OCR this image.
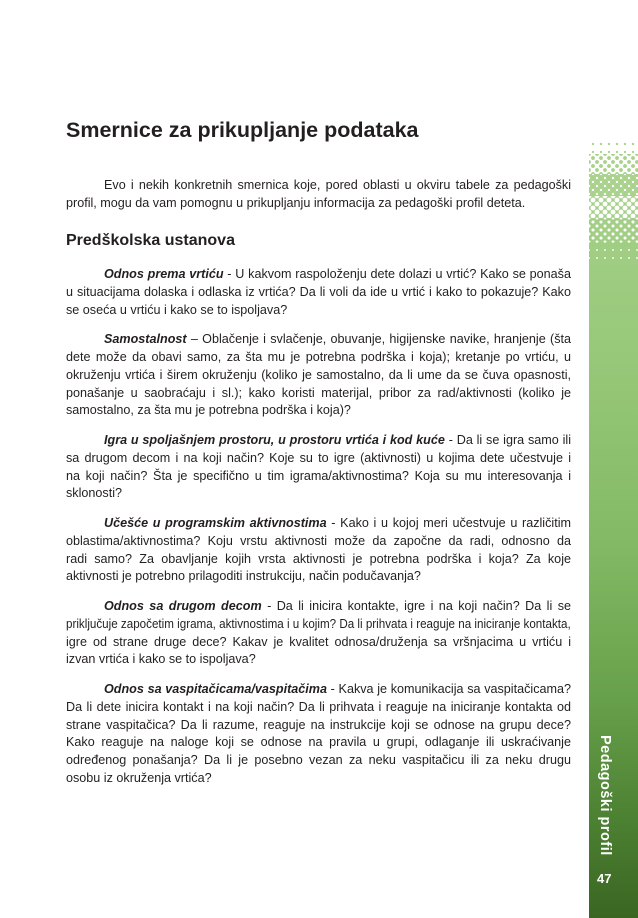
Smernice za prikupljanje podataka
Evo i nekih konkretnih smernica koje, pored oblasti u okviru tabele za pedagoški
profil, mogu da vam pomognu u prikupljanju informacija za pedagoški profil deteta.
Predškolska ustanova
Odnos prema vrtiću - U kakvom raspoloženju dete dolazi u vrtić? Kako se ponaša
u situacijama dolaska i odlaska iz vrtića? Da li voli da ide u vrtić i kako to pokazuje? Kako
se oseća u vrtiću i kako se to ispoljava?
Samostalnost – Oblačenje i svlačenje, obuvanje, higijenske navike, hranjenje (šta
dete može da obavi samo, za šta mu je potrebna podrška i koja); kretanje po vrtiću, u
okruženju vrtića i širem okruženju (koliko je samostalno, da li ume da se čuva opasnosti,
ponašanje u saobraćaju i sl.); kako koristi materijal, pribor za rad/aktivnosti (koliko je
samostalno, za šta mu je potrebna podrška i koja)?
Igra u spoljašnjem prostoru, u prostoru vrtića i kod kuće - Da li se igra samo ili
sa drugom decom i na koji način? Koje su to igre (aktivnosti) u kojima dete učestvuje i
na koji način? Šta je specifično u tim igrama/aktivnostima? Koja su mu interesovanja i
sklonosti?
Učešće u programskim aktivnostima - Kako i u kojoj meri učestvuje u različitim
oblastima/aktivnostima? Koju vrstu aktivnosti može da započne da radi, odnosno da
radi samo? Za obavljanje kojih vrsta aktivnosti je potrebna podrška i koja? Za koje
aktivnosti je potrebno prilagoditi instrukciju, način podučavanja?
Odnos sa drugom decom - Da li inicira kontakte, igre i na koji način? Da li se
priključuje započetim igrama, aktivnostima i u kojim? Da li prihvata i reaguje na iniciranje kontakta,
igre od strane druge dece? Kakav je kvalitet odnosa/druženja sa vršnjacima u vrtiću i
izvan vrtića i kako se to ispoljava?
Odnos sa vaspitačicama/vaspitačima - Kakva je komunikacija sa vaspitačicama?
Da li dete inicira kontakt i na koji način? Da li prihvata i reaguje na iniciranje kontakta od
strane vaspitačica? Da li razume, reaguje na instrukcije koji se odnose na grupu dece?
Kako reaguje na naloge koji se odnose na pravila u grupi, odlaganje ili uskraćivanje
određenog ponašanja? Da li je posebno vezan za neku vaspitačicu ili za neku drugu
osobu iz okruženja vrtića?	Pedagoški profil
47
